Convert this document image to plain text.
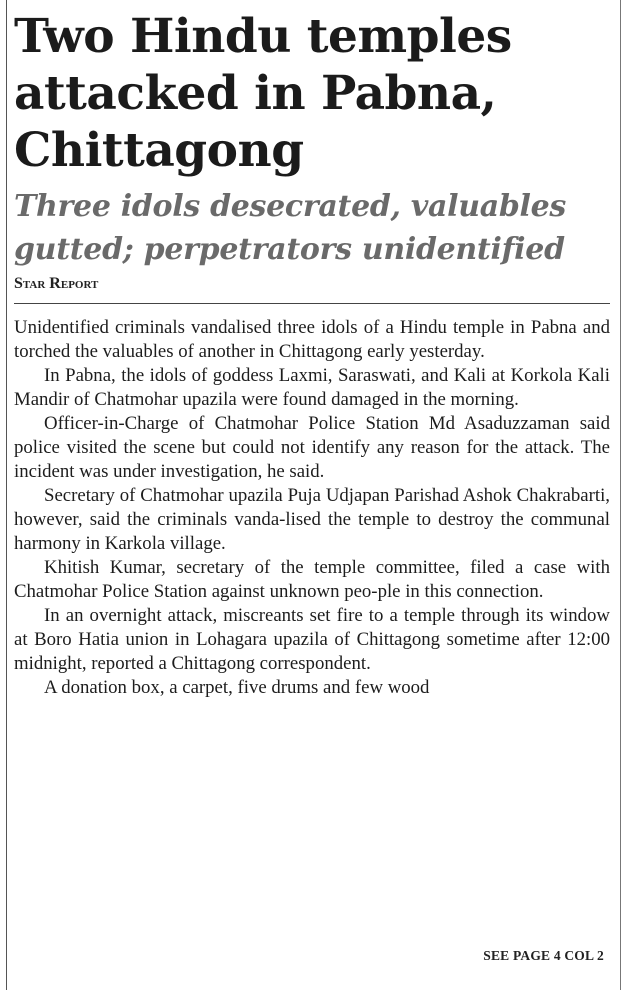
Two Hindu temples attacked in Pabna, Chittagong
Three idols desecrated, valuables gutted; perpetrators unidentified
Star Report

Unidentified criminals vandalised three idols of a Hindu temple in Pabna and torched the valuables of another in Chittagong early yesterday.

In Pabna, the idols of goddess Laxmi, Saraswati, and Kali at Korkola Kali Mandir of Chatmohar upazila were found damaged in the morning.

Officer-in-Charge of Chatmohar Police Station Md Asaduzzaman said police visited the scene but could not identify any reason for the attack. The incident was under investigation, he said.

Secretary of Chatmohar upazila Puja Udjapan Parishad Ashok Chakrabarti, however, said the criminals vanda-lised the temple to destroy the communal harmony in Karkola village.

Khitish Kumar, secretary of the temple committee, filed a case with Chatmohar Police Station against unknown peo-ple in this connection.

In an overnight attack, miscreants set fire to a temple through its window at Boro Hatia union in Lohagara upazila of Chittagong sometime after 12:00 midnight, reported a Chittagong correspondent.

A donation box, a carpet, five drums and few wood

SEE PAGE 4 COL 2
